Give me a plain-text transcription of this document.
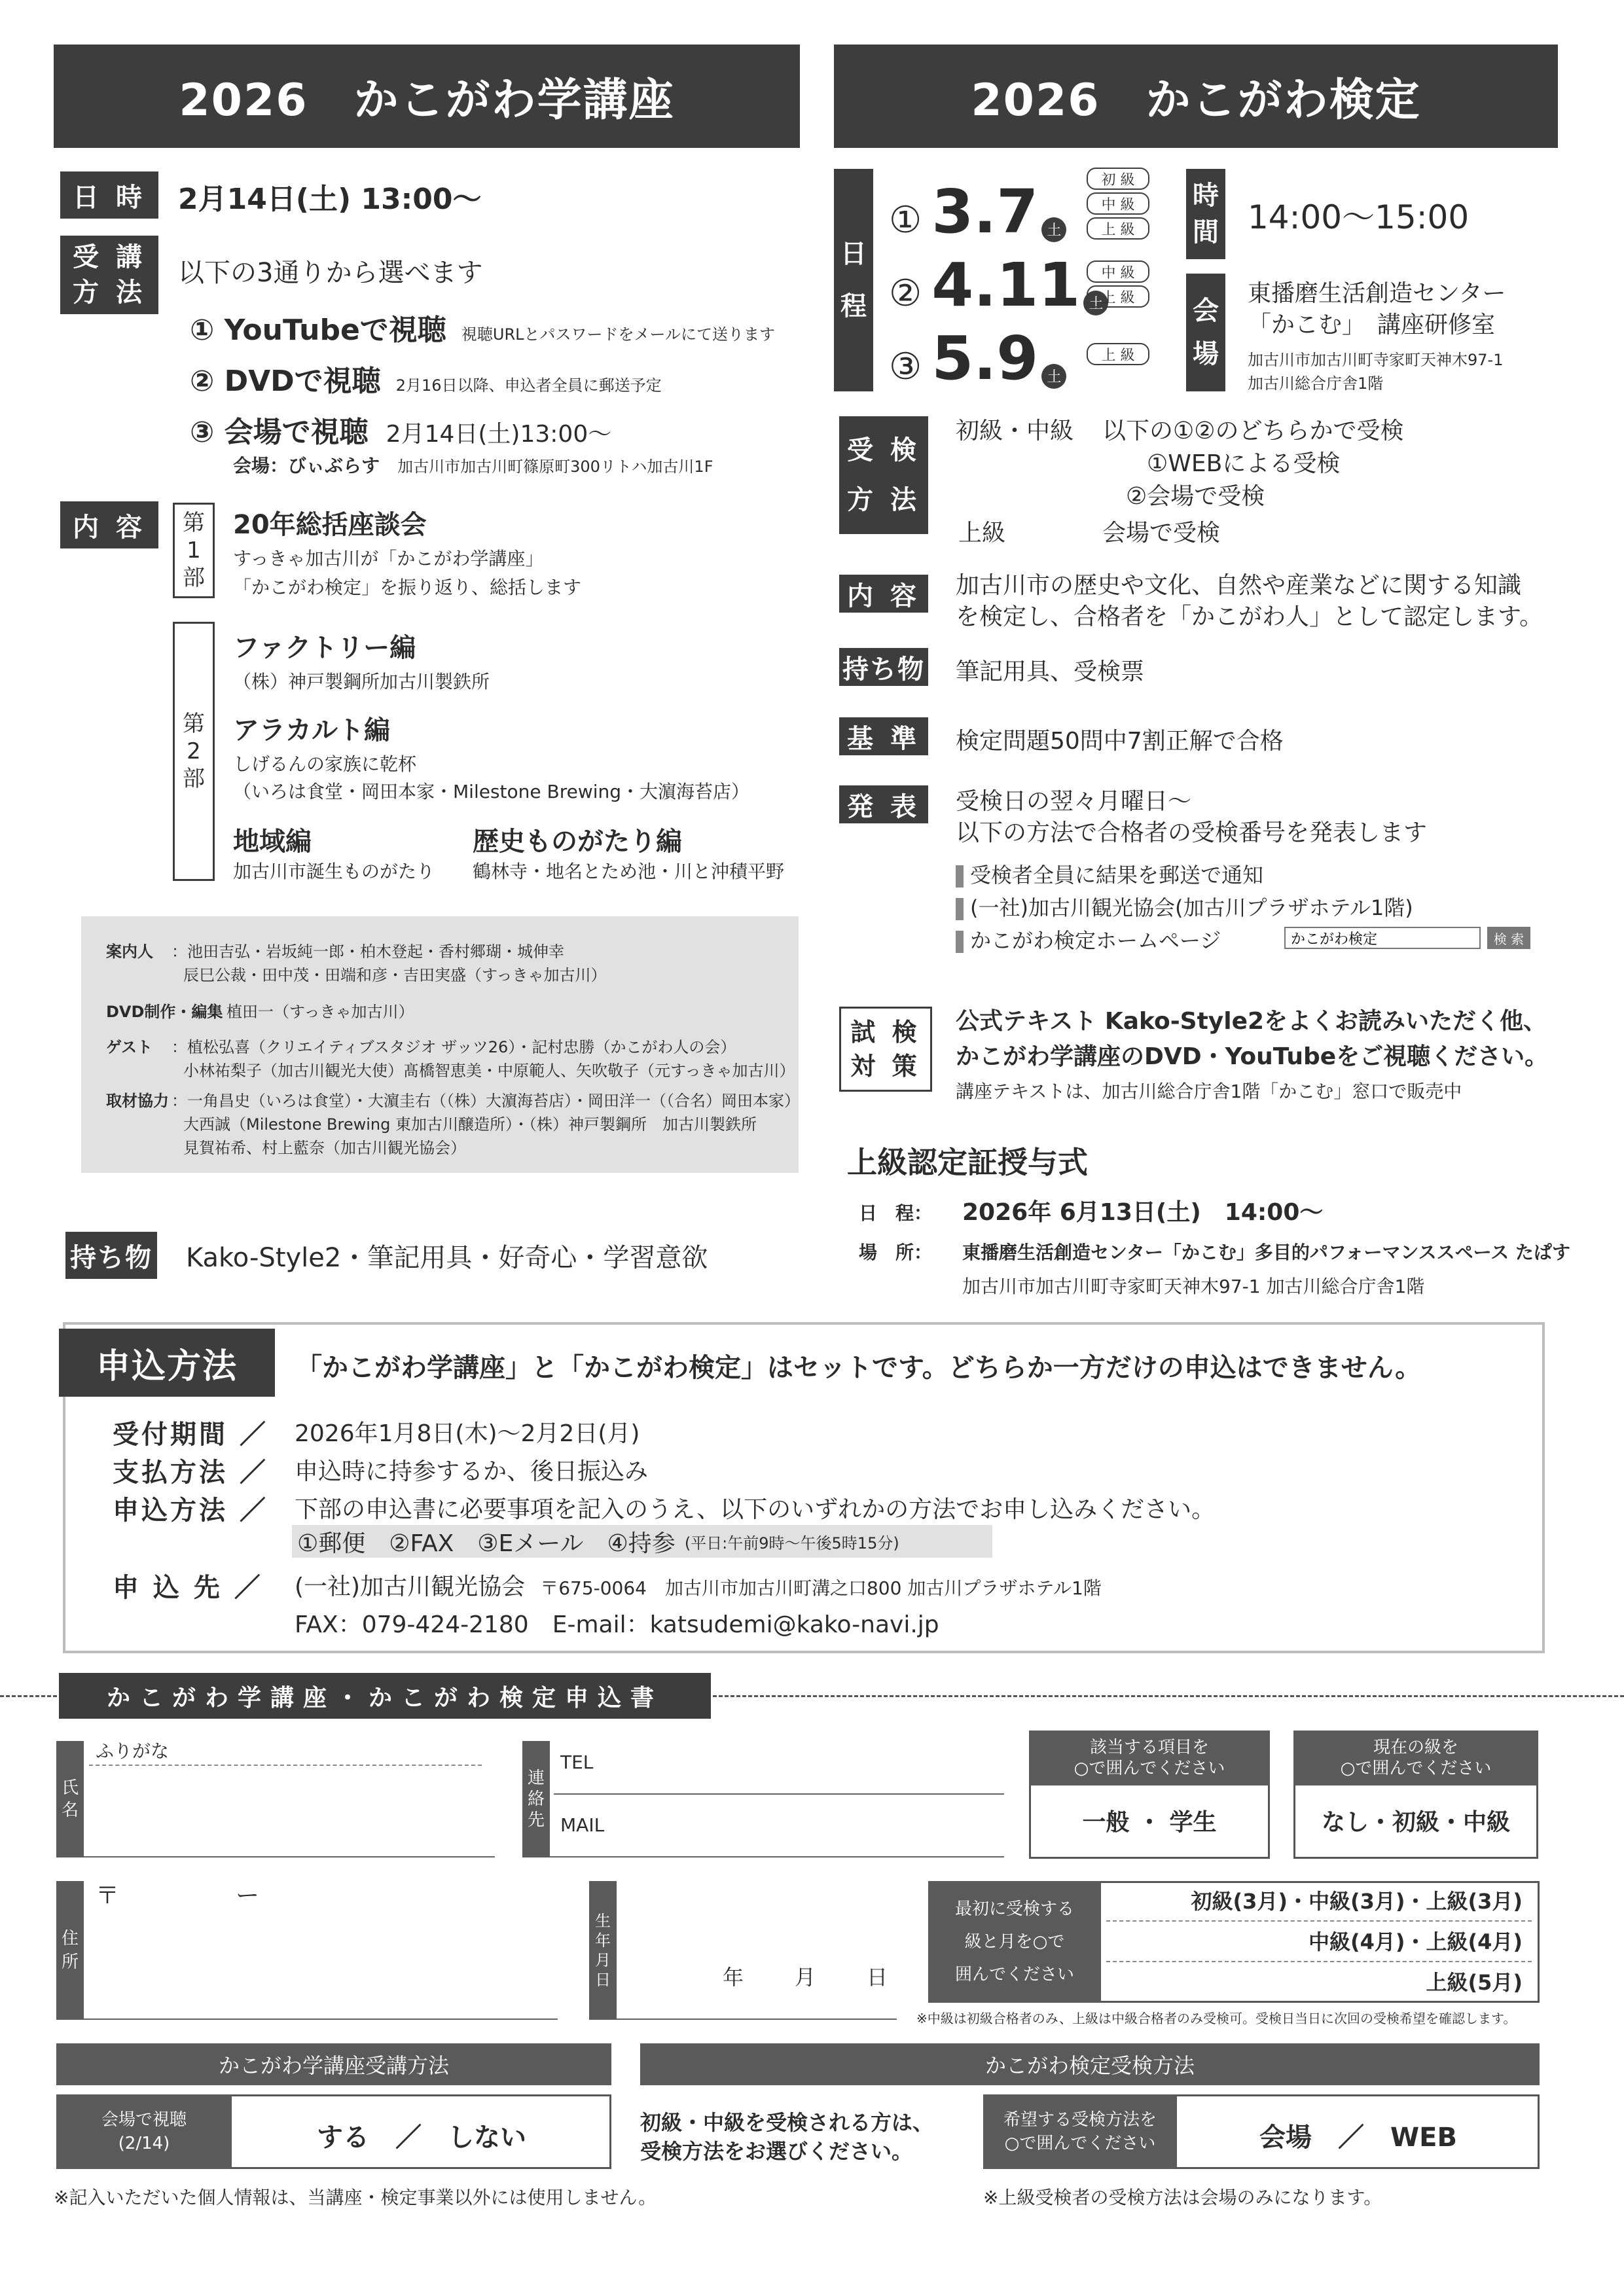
2026　かこがわ学講座	2026　かこがわ検定
日 時	2月14日(土) 13:00〜
受 講
方 法
以下の3通りから選べます
① YouTubeで視聴 視聴URLとパスワードをメールにて送ります
② DVDで視聴 2月16日以降、申込者全員に郵送予定
③ 会場で視聴 2月14日(土)13:00〜
会場：びぃぶらす 加古川市加古川町篠原町300リトハ加古川1F
内 容	第
1
部
20年総括座談会
すっきゃ加古川が「かこがわ学講座」
「かこがわ検定」を振り返り、総括します
第
2
部
ファクトリー編
（株）神戸製鋼所加古川製鉄所
アラカルト編
しげるんの家族に乾杯
（いろは食堂・岡田本家・Milestone Brewing・大濵海苔店）
地域編
加古川市誕生ものがたり
歴史ものがたり編
鶴林寺・地名とため池・川と沖積平野
案内人 ：池田吉弘・岩坂純一郎・柏木登起・香村郷瑚・城伸幸
辰巳公裁・田中茂・田端和彦・吉田実盛（すっきゃ加古川）
DVD制作・編集
：植田一（すっきゃ加古川）
ゲスト ：植松弘喜（クリエイティブスタジオ ザッツ26）・記村忠勝（かこがわ人の会）
小林祐梨子（加古川観光大使）髙橋智恵美・中原範人、矢吹敬子（元すっきゃ加古川）
取材協力 ：一角昌史（いろは食堂）・大濵圭右（（株）大濵海苔店）・岡田洋一（（合名）岡田本家）
大西誠（Milestone Brewing 東加古川醸造所）・（株）神戸製鋼所　加古川製鉄所
見賀祐希、村上藍奈（加古川観光協会）
持ち物 Kako-Style2・筆記用具・好奇心・学習意欲
日
程
① 3.7 土
初 級
中 級
上 級
② 4.11 土
中 級
上 級
③ 5.9 土
上 級
時
間 14:00〜15:00
会
場
東播磨生活創造センター
「かこむ」　講座研修室
加古川市加古川町寺家町天神木97-1
加古川総合庁舎1階
受 検
方 法
初級・中級 以下の①②のどちらかで受検
①WEBによる受検
②会場で受検
上級	会場で受検
内 容	加古川市の歴史や文化、自然や産業などに関する知識
を検定し、合格者を「かこがわ人」として認定します。
持ち物 筆記用具、受検票
基 準	検定問題50問中7割正解で合格
発 表	受検日の翌々月曜日〜
以下の方法で合格者の受検番号を発表します
受検者全員に結果を郵送で通知
(一社)加古川観光協会(加古川プラザホテル1階)
かこがわ検定ホームページ
かこがわ検定	検 索
試 検
対 策
公式テキスト Kako-Style2をよくお読みいただく他、
かこがわ学講座のDVD・YouTubeをご視聴ください。
講座テキストは、加古川総合庁舎1階「かこむ」窓口で販売中
上級認定証授与式
日　程： 2026年 6月13日(土)　14:00〜
場　所： 東播磨生活創造センター「かこむ」多目的パフォーマンススペース たぱす
加古川市加古川町寺家町天神木97-1 加古川総合庁舎1階
申込方法	「かこがわ学講座」と「かこがわ検定」はセットです。どちらか一方だけの申込はできません。
受付期間 ／ 2026年1月8日(木)〜2月2日(月)
支払方法 ／ 申込時に持参するか、後日振込み
申込方法 ／ 下部の申込書に必要事項を記入のうえ、以下のいずれかの方法でお申し込みください。
①郵便　②FAX　③Eメール　④持参 (平日:午前9時〜午後5時15分)
申 込 先 ／ (一社)加古川観光協会 〒675-0064　加古川市加古川町溝之口800 加古川プラザホテル1階
FAX：079-424-2180　E-mail：katsudemi@kako-navi.jp
かこがわ学講座・かこがわ検定申込書
氏
名
ふりがな
連
絡
先
TEL
MAIL
該当する項目を
○で囲んでください
一般 ・ 学生
現在の級を
○で囲んでください
なし・初級・中級
住
所
〒	ー
生
年
月
日	年 月 日
最初に受検する
級と月を○で
囲んでください
初級(3月)・中級(3月)・上級(3月)
中級(4月)・上級(4月)
上級(5月)
※中級は初級合格者のみ、上級は中級合格者のみ受検可。受検日当日に次回の受検希望を確認します。
かこがわ学講座受講方法
会場で視聴
(2/14)	する　／　しない
かこがわ検定受検方法
初級・中級を受検される方は、
受検方法をお選びください。
希望する受検方法を
○で囲んでください	会場　／　WEB
※記入いただいた個人情報は、当講座・検定事業以外には使用しません。	※上級受検者の受検方法は会場のみになります。
